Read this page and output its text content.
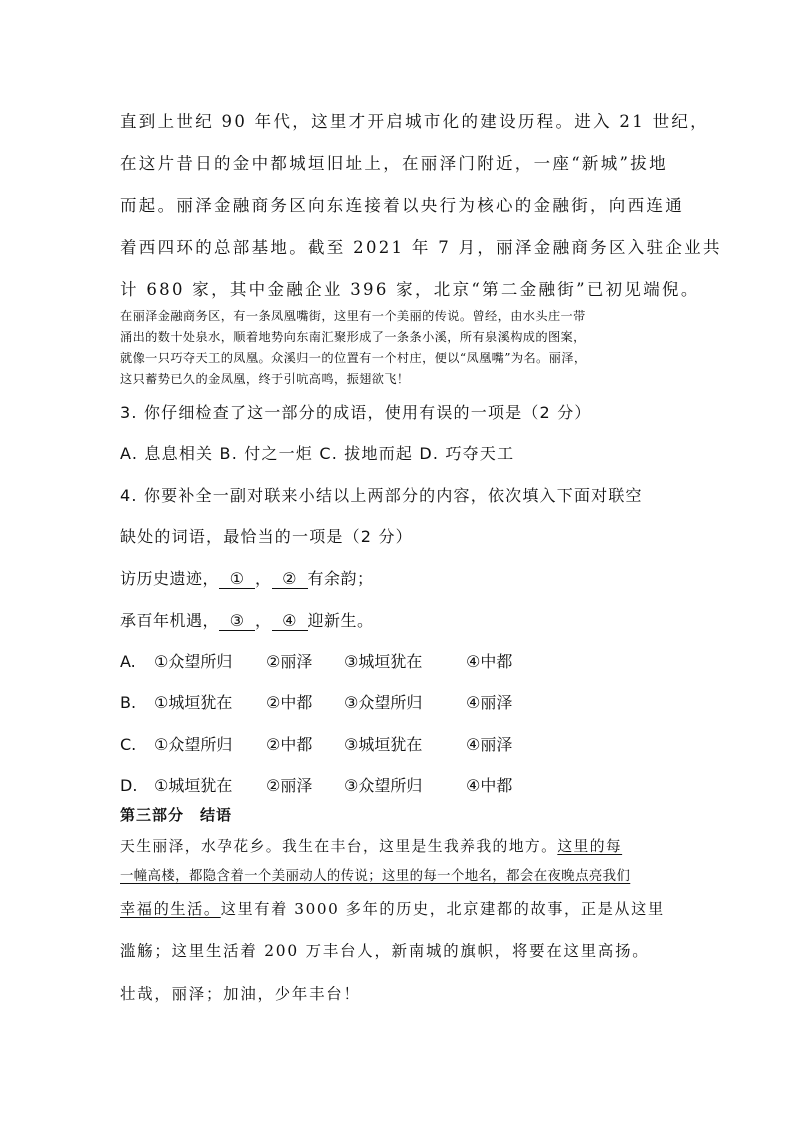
直到上世纪 90 年代，这里才开启城市化的建设历程。进入 21 世纪，
在这片昔日的金中都城垣旧址上，在丽泽门附近，一座“新城”拔地
而起。丽泽金融商务区向东连接着以央行为核心的金融街，向西连通
着西四环的总部基地。截至 2021 年 7 月，丽泽金融商务区入驻企业共
计 680 家，其中金融企业 396 家，北京“第二金融街”已初见端倪。
在丽泽金融商务区，有一条凤凰嘴街，这里有一个美丽的传说。曾经，由水头庄一带
涌出的数十处泉水，顺着地势向东南汇聚形成了一条条小溪，所有泉溪构成的图案，
就像一只巧夺天工的凤凰。众溪归一的位置有一个村庄，便以“凤凰嘴”为名。丽泽，
这只蓄势已久的金凤凰，终于引吭高鸣，振翅欲飞！
3. 你仔细检查了这一部分的成语，使用有误的一项是（2 分）
A. 息息相关 B. 付之一炬 C. 拔地而起 D. 巧夺天工
4. 你要补全一副对联来小结以上两部分的内容，依次填入下面对联空
缺处的词语，最恰当的一项是（2 分）
访历史遗迹， ① ， ② 有余韵；
承百年机遇， ③ ， ④ 迎新生。
A. ①众望所归 ②丽泽 ③城垣犹在	④中都
B. ①城垣犹在 ②中都 ③众望所归	④丽泽
C. ①众望所归 ②中都 ③城垣犹在	④丽泽
D. ①城垣犹在 ②丽泽 ③众望所归	④中都
第三部分　结语
天生丽泽，水孕花乡。我生在丰台，这里是生我养我的地方。这里的每
一幢高楼，都隐含着一个美丽动人的传说；这里的每一个地名，都会在夜晚点亮我们
幸福的生活。这里有着 3000 多年的历史，北京建都的故事，正是从这里
滥觞；这里生活着 200 万丰台人，新南城的旗帜，将要在这里高扬。
壮哉，丽泽；加油，少年丰台！
